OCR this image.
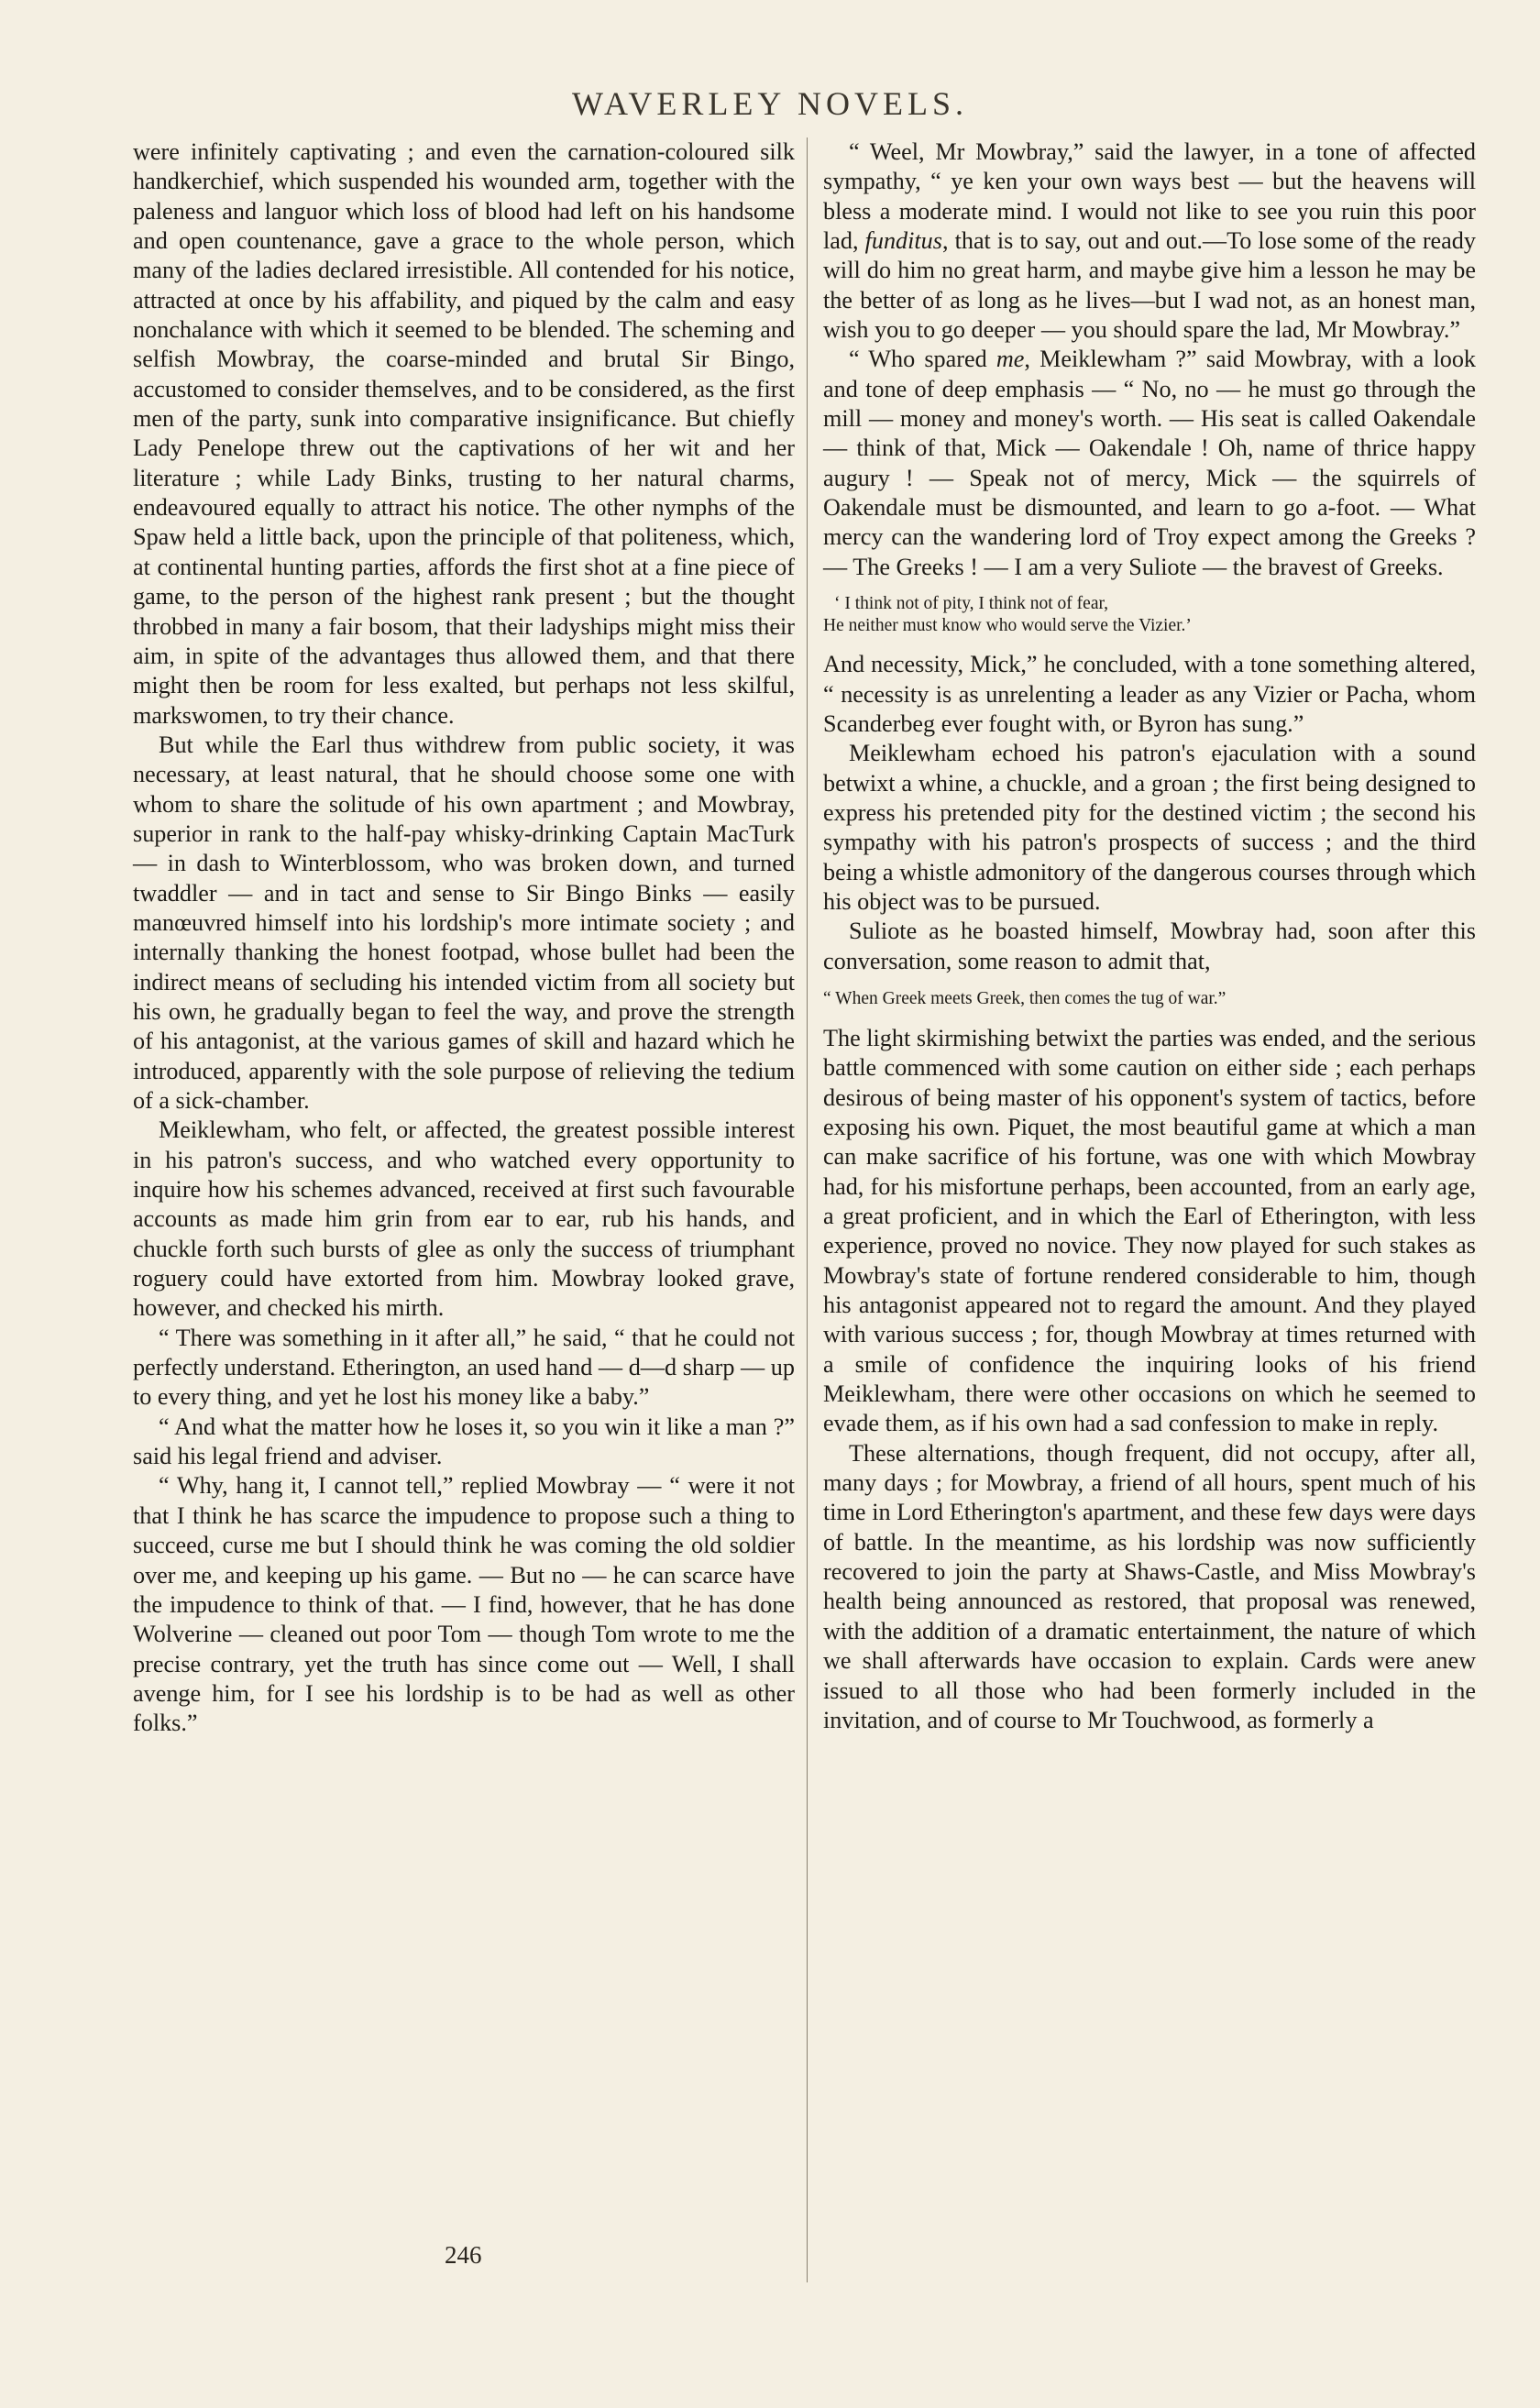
WAVERLEY NOVELS.

were infinitely captivating ; and even the carnation-coloured silk handkerchief, which suspended his wounded arm, together with the paleness and languor which loss of blood had left on his handsome and open countenance, gave a grace to the whole person, which many of the ladies declared irresistible. All contended for his notice, attracted at once by his affability, and piqued by the calm and easy nonchalance with which it seemed to be blended. The scheming and selfish Mowbray, the coarse-minded and brutal Sir Bingo, accustomed to consider themselves, and to be considered, as the first men of the party, sunk into comparative insignificance. But chiefly Lady Penelope threw out the captivations of her wit and her literature ; while Lady Binks, trusting to her natural charms, endeavoured equally to attract his notice. The other nymphs of the Spaw held a little back, upon the principle of that politeness, which, at continental hunting parties, affords the first shot at a fine piece of game, to the person of the highest rank present ; but the thought throbbed in many a fair bosom, that their ladyships might miss their aim, in spite of the advantages thus allowed them, and that there might then be room for less exalted, but perhaps not less skilful, markswomen, to try their chance.

But while the Earl thus withdrew from public society, it was necessary, at least natural, that he should choose some one with whom to share the solitude of his own apartment ; and Mowbray, superior in rank to the half-pay whisky-drinking Captain MacTurk — in dash to Winterblossom, who was broken down, and turned twaddler — and in tact and sense to Sir Bingo Binks — easily manœuvred himself into his lordship's more intimate society ; and internally thanking the honest footpad, whose bullet had been the indirect means of secluding his intended victim from all society but his own, he gradually began to feel the way, and prove the strength of his antagonist, at the various games of skill and hazard which he introduced, apparently with the sole purpose of relieving the tedium of a sick-chamber.

Meiklewham, who felt, or affected, the greatest possible interest in his patron's success, and who watched every opportunity to inquire how his schemes advanced, received at first such favourable accounts as made him grin from ear to ear, rub his hands, and chuckle forth such bursts of glee as only the success of triumphant roguery could have extorted from him. Mowbray looked grave, however, and checked his mirth.

“ There was something in it after all,” he said, “ that he could not perfectly understand. Etherington, an used hand — d—d sharp — up to every thing, and yet he lost his money like a baby.”

“ And what the matter how he loses it, so you win it like a man ?” said his legal friend and adviser.

“ Why, hang it, I cannot tell,” replied Mowbray — “ were it not that I think he has scarce the impudence to propose such a thing to succeed, curse me but I should think he was coming the old soldier over me, and keeping up his game. — But no — he can scarce have the impudence to think of that. — I find, however, that he has done Wolverine — cleaned out poor Tom — though Tom wrote to me the precise contrary, yet the truth has since come out — Well, I shall avenge him, for I see his lordship is to be had as well as other folks.”

“ Weel, Mr Mowbray,” said the lawyer, in a tone of affected sympathy, “ ye ken your own ways best — but the heavens will bless a moderate mind. I would not like to see you ruin this poor lad, funditus, that is to say, out and out.—To lose some of the ready will do him no great harm, and maybe give him a lesson he may be the better of as long as he lives—but I wad not, as an honest man, wish you to go deeper — you should spare the lad, Mr Mowbray.”

“ Who spared me, Meiklewham ?” said Mowbray, with a look and tone of deep emphasis — “ No, no — he must go through the mill — money and money's worth. — His seat is called Oakendale — think of that, Mick — Oakendale ! Oh, name of thrice happy augury ! — Speak not of mercy, Mick — the squirrels of Oakendale must be dismounted, and learn to go a-foot. — What mercy can the wandering lord of Troy expect among the Greeks ? — The Greeks ! — I am a very Suliote — the bravest of Greeks.

‘ I think not of pity, I think not of fear,
He neither must know who would serve the Vizier.’

And necessity, Mick,” he concluded, with a tone something altered, “ necessity is as unrelenting a leader as any Vizier or Pacha, whom Scanderbeg ever fought with, or Byron has sung.”

Meiklewham echoed his patron's ejaculation with a sound betwixt a whine, a chuckle, and a groan ; the first being designed to express his pretended pity for the destined victim ; the second his sympathy with his patron's prospects of success ; and the third being a whistle admonitory of the dangerous courses through which his object was to be pursued.

Suliote as he boasted himself, Mowbray had, soon after this conversation, some reason to admit that,

“ When Greek meets Greek, then comes the tug of war.”

The light skirmishing betwixt the parties was ended, and the serious battle commenced with some caution on either side ; each perhaps desirous of being master of his opponent's system of tactics, before exposing his own. Piquet, the most beautiful game at which a man can make sacrifice of his fortune, was one with which Mowbray had, for his misfortune perhaps, been accounted, from an early age, a great proficient, and in which the Earl of Etherington, with less experience, proved no novice. They now played for such stakes as Mowbray's state of fortune rendered considerable to him, though his antagonist appeared not to regard the amount. And they played with various success ; for, though Mowbray at times returned with a smile of confidence the inquiring looks of his friend Meiklewham, there were other occasions on which he seemed to evade them, as if his own had a sad confession to make in reply.

These alternations, though frequent, did not occupy, after all, many days ; for Mowbray, a friend of all hours, spent much of his time in Lord Etherington's apartment, and these few days were days of battle. In the meantime, as his lordship was now sufficiently recovered to join the party at Shaws-Castle, and Miss Mowbray's health being announced as restored, that proposal was renewed, with the addition of a dramatic entertainment, the nature of which we shall afterwards have occasion to explain. Cards were anew issued to all those who had been formerly included in the invitation, and of course to Mr Touchwood, as formerly a

246
